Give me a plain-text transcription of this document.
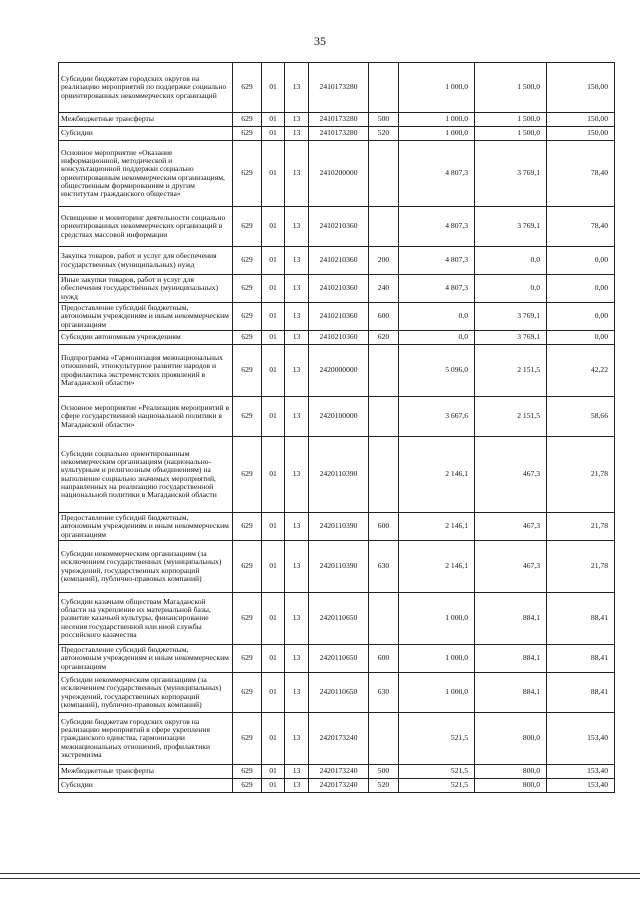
35
Субсидии бюджетам городских округов на реализацию мероприятий по поддержке социально ориентированных некоммерческих организаций	629	01	13	2410173280		1 000,0	1 500,0	150,00
Межбюджетные трансферты	629	01	13	2410173280	500	1 000,0	1 500,0	150,00
Субсидии	629	01	13	2410173280	520	1 000,0	1 500,0	150,00
Основное мероприятие «Оказание информационной, методической и консультационной поддержки социально ориентированным некоммерческим организациям, общественным формированиям и другим институтам гражданского общества»	629	01	13	2410200000		4 807,3	3 769,1	78,40
Освещение и мониторинг деятельности социально ориентированных некоммерческих организаций в средствах массовой информации	629	01	13	2410210360		4 807,3	3 769,1	78,40
Закупка товаров, работ и услуг для обеспечения государственных (муниципальных) нужд	629	01	13	2410210360	200	4 807,3	0,0	0,00
Иные закупки товаров, работ и услуг для обеспечения государственных (муниципальных) нужд	629	01	13	2410210360	240	4 807,3	0,0	0,00
Предоставление субсидий бюджетным, автономным учреждениям и иным некоммерческим организациям	629	01	13	2410210360	600	0,0	3 769,1	0,00
Субсидии автономным учреждениям	629	01	13	2410210360	620	0,0	3 769,1	0,00
Подпрограмма «Гармонизация межнациональных отношений, этнокультурное развитие народов и профилактика экстремистских проявлений в Магаданской области»	629	01	13	2420000000		5 096,0	2 151,5	42,22
Основное мероприятие «Реализация мероприятий в сфере государственной национальной политики в Магаданской области»	629	01	13	2420100000		3 667,6	2 151,5	58,66
Субсидии социально ориентированным некоммерческим организациям (национально-культурным и религиозным объединениям) на выполнение социально значимых мероприятий, направленных на реализацию государственной национальной политики в Магаданской области	629	01	13	2420110390		2 146,1	467,3	21,78
Предоставление субсидий бюджетным, автономным учреждениям и иным некоммерческим организациям	629	01	13	2420110390	600	2 146,1	467,3	21,78
Субсидии некоммерческим организациям (за исключением государственных (муниципальных) учреждений, государственных корпораций (компаний), публично-правовых компаний)	629	01	13	2420110390	630	2 146,1	467,3	21,78
Субсидии казачьим обществам Магаданской области на укрепление их материальной базы, развитие казачьей культуры, финансирование несения государственной или иной службы российского казачества	629	01	13	2420110650		1 000,0	884,1	88,41
Предоставление субсидий бюджетным, автономным учреждениям и иным некоммерческим организациям	629	01	13	2420110650	600	1 000,0	884,1	88,41
Субсидии некоммерческим организациям (за исключением государственных (муниципальных) учреждений, государственных корпораций (компаний), публично-правовых компаний)	629	01	13	2420110650	630	1 000,0	884,1	88,41
Субсидии бюджетам городских округов на реализацию мероприятий в сфере укрепления гражданского единства, гармонизации межнациональных отношений, профилактики экстремизма	629	01	13	2420173240		521,5	800,0	153,40
Межбюджетные трансферты	629	01	13	2420173240	500	521,5	800,0	153,40
Субсидии	629	01	13	2420173240	520	521,5	800,0	153,40
